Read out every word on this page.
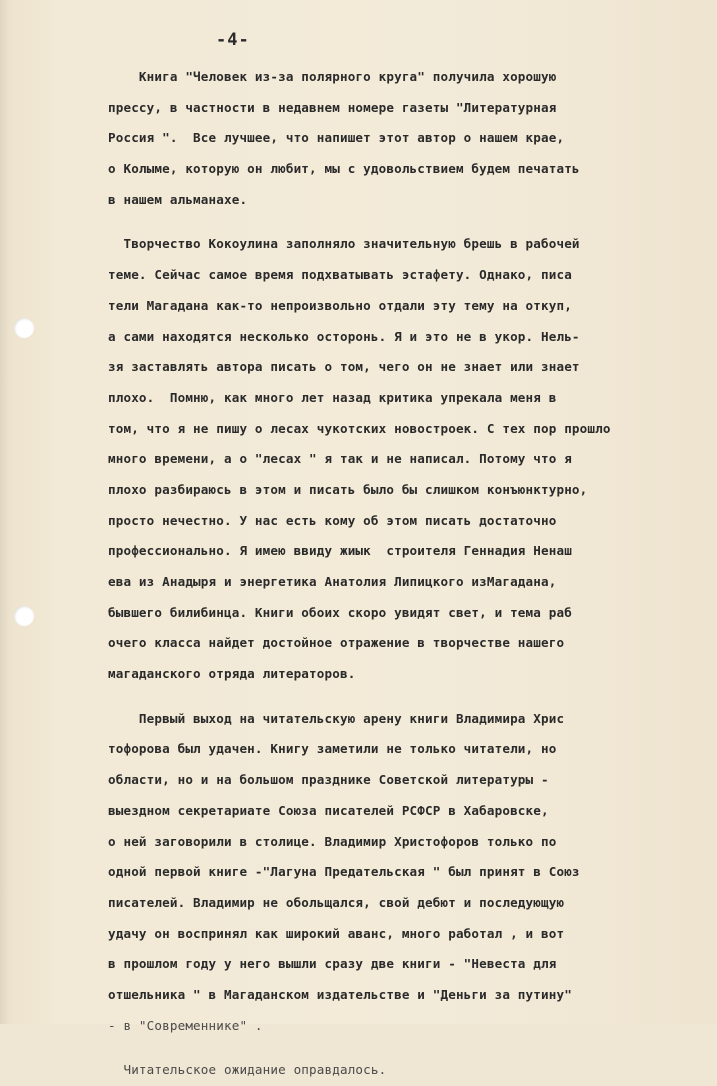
-4-
Книга "Человек из-за полярного круга" получила хорошую
прессу, в частности в недавнем номере газеты "Литературная
Россия ".  Все лучшее, что напишет этот автор о нашем крае,
о Колыме, которую он любит, мы с удовольствием будем печатать
в нашем альманахе.
Творчество Кокоулина заполняло значительную брешь в рабочей
теме. Сейчас самое время подхватывать эстафету. Однако, писа
тели Магадана как-то непроизвольно отдали эту тему на откуп,
а сами находятся несколько осторонь. Я и это не в укор. Нель-
зя заставлять автора писать о том, чего он не знает или знает
плохо.  Помню, как много лет назад критика упрекала меня в
том, что я не пишу о лесах чукотских новостроек. С тех пор прошло
много времени, а о "лесах " я так и не написал. Потому что я
плохо разбираюсь в этом и писать было бы слишком конъюнктурно,
просто нечестно. У нас есть кому об этом писать достаточно
профессионально. Я имею ввиду жиык  строителя Геннадия Ненаш
ева из Анадыря и энергетика Анатолия Липицкого изМагадана,
бывшего билибинца. Книги обоих скоро увидят свет, и тема раб
очего класса найдет достойное отражение в творчестве нашего
магаданского отряда литераторов.
Первый выход на читательскую арену книги Владимира Хрис
тофорова был удачен. Книгу заметили не только читатели, но
области, но и на большом празднике Советской литературы -
выездном секретариате Союза писателей РСФСР в Хабаровске,
о ней заговорили в столице. Владимир Христофоров только по
одной первой книге -"Лагуна Предательская " был принят в Союз
писателей. Владимир не обольщался, свой дебют и последующую
удачу он воспринял как широкий аванс, много работал , и вот
в прошлом году у него вышли сразу две книги - "Невеста для
отшельника " в Магаданском издательстве и "Деньги за путину"
- в "Современнике" .
Читательское ожидание оправдалось.
